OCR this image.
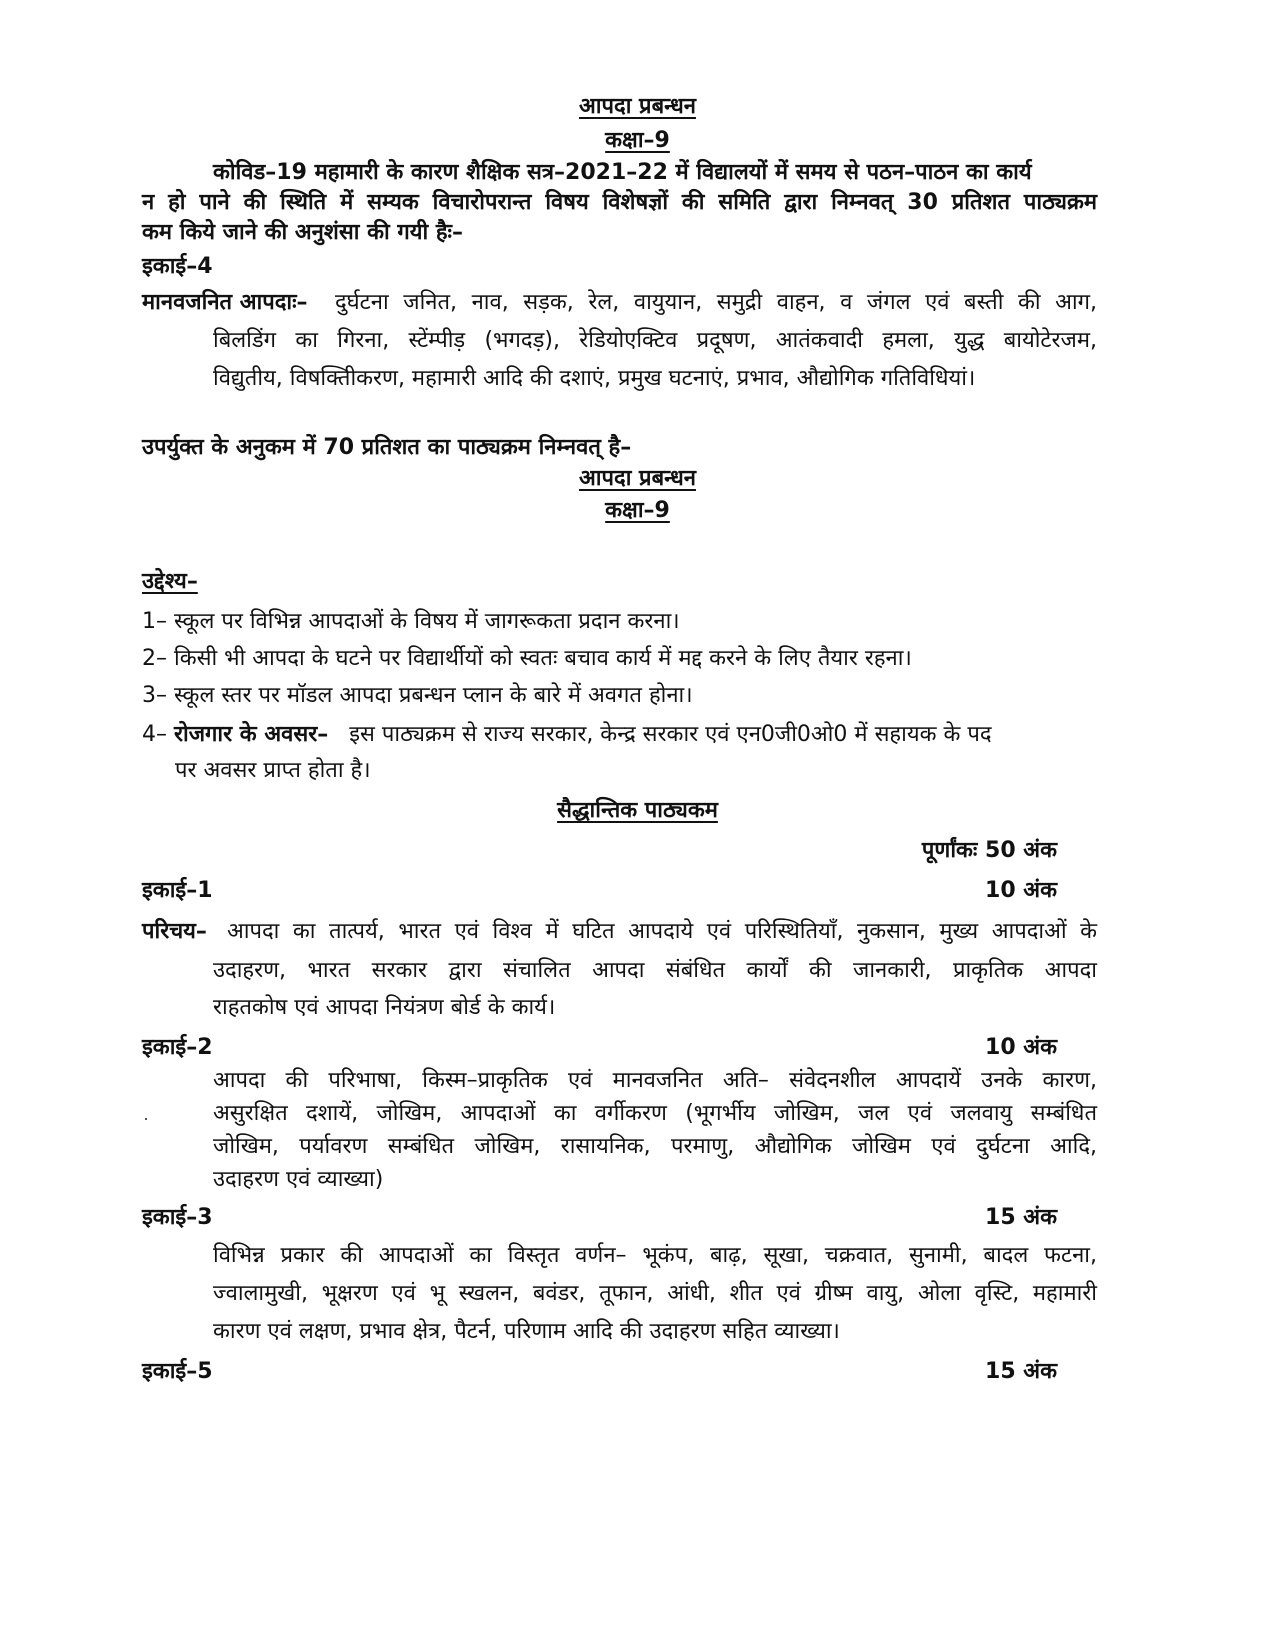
आपदा प्रबन्धन
कक्षा–9
कोविड–19 महामारी के कारण शैक्षिक सत्र–2021–22 में विद्यालयों में समय से पठन–पाठन का कार्य
न हो पाने की स्थिति में सम्यक विचारोपरान्त विषय विशेषज्ञों की समिति द्वारा निम्नवत् 30 प्रतिशत पाठ्यक्रम
कम किये जाने की अनुशंसा की गयी हैः–
इकाई–4
मानवजनित आपदाः– दुर्घटना जनित, नाव, सड़क, रेल, वायुयान, समुद्री वाहन, व जंगल एवं बस्ती की आग,
बिलडिंग का गिरना, स्टेंम्पीड़ (भगदड़), रेडियोएक्टिव प्रदूषण, आतंकवादी हमला, युद्ध बायोटेरजम,
विद्युतीय, विषक्तिीकरण, महामारी आदि की दशाएं, प्रमुख घटनाएं, प्रभाव, औद्योगिक गतिविधियां।
उपर्युक्त के अनुकम में 70 प्रतिशत का पाठ्यक्रम निम्नवत् है–
आपदा प्रबन्धन
कक्षा–9
उद्देश्य–
1– स्कूल पर विभिन्न आपदाओं के विषय में जागरूकता प्रदान करना।
2– किसी भी आपदा के घटने पर विद्यार्थीयों को स्वतः बचाव कार्य में मद्द करने के लिए तैयार रहना।
3– स्कूल स्तर पर मॉडल आपदा प्रबन्धन प्लान के बारे में अवगत होना।
4– रोजगार के अवसर– इस पाठ्यक्रम से राज्य सरकार, केन्द्र सरकार एवं एन0जी0ओ0 में सहायक के पद
पर अवसर प्राप्त होता है।
सैद्धान्तिक पाठ्यकम
पूर्णांकः 50 अंक
इकाई–1	10 अंक
परिचय– आपदा का तात्पर्य, भारत एवं विश्व में घटित आपदाये एवं परिस्थितियाँ, नुकसान, मुख्य आपदाओं के
उदाहरण, भारत सरकार द्वारा संचालित आपदा संबंधित कार्यों की जानकारी, प्राकृतिक आपदा
राहतकोष एवं आपदा नियंत्रण बोर्ड के कार्य।
इकाई–2	10 अंक
आपदा की परिभाषा, किस्म–प्राकृतिक एवं मानवजनित अति– संवेदनशील आपदायें उनके कारण,
असुरक्षित दशायें, जोखिम, आपदाओं का वर्गीकरण (भूगर्भीय जोखिम, जल एवं जलवायु सम्बंधित
जोखिम, पर्यावरण सम्बंधित जोखिम, रासायनिक, परमाणु, औद्योगिक जोखिम एवं दुर्घटना आदि,
उदाहरण एवं व्याख्या)
इकाई–3	15 अंक
विभिन्न प्रकार की आपदाओं का विस्तृत वर्णन– भूकंप, बाढ़, सूखा, चक्रवात, सुनामी, बादल फटना,
ज्वालामुखी, भूक्षरण एवं भू स्खलन, बवंडर, तूफान, आंधी, शीत एवं ग्रीष्म वायु, ओला वृस्टि, महामारी
कारण एवं लक्षण, प्रभाव क्षेत्र, पैटर्न, परिणाम आदि की उदाहरण सहित व्याख्या।
इकाई–5	15 अंक
